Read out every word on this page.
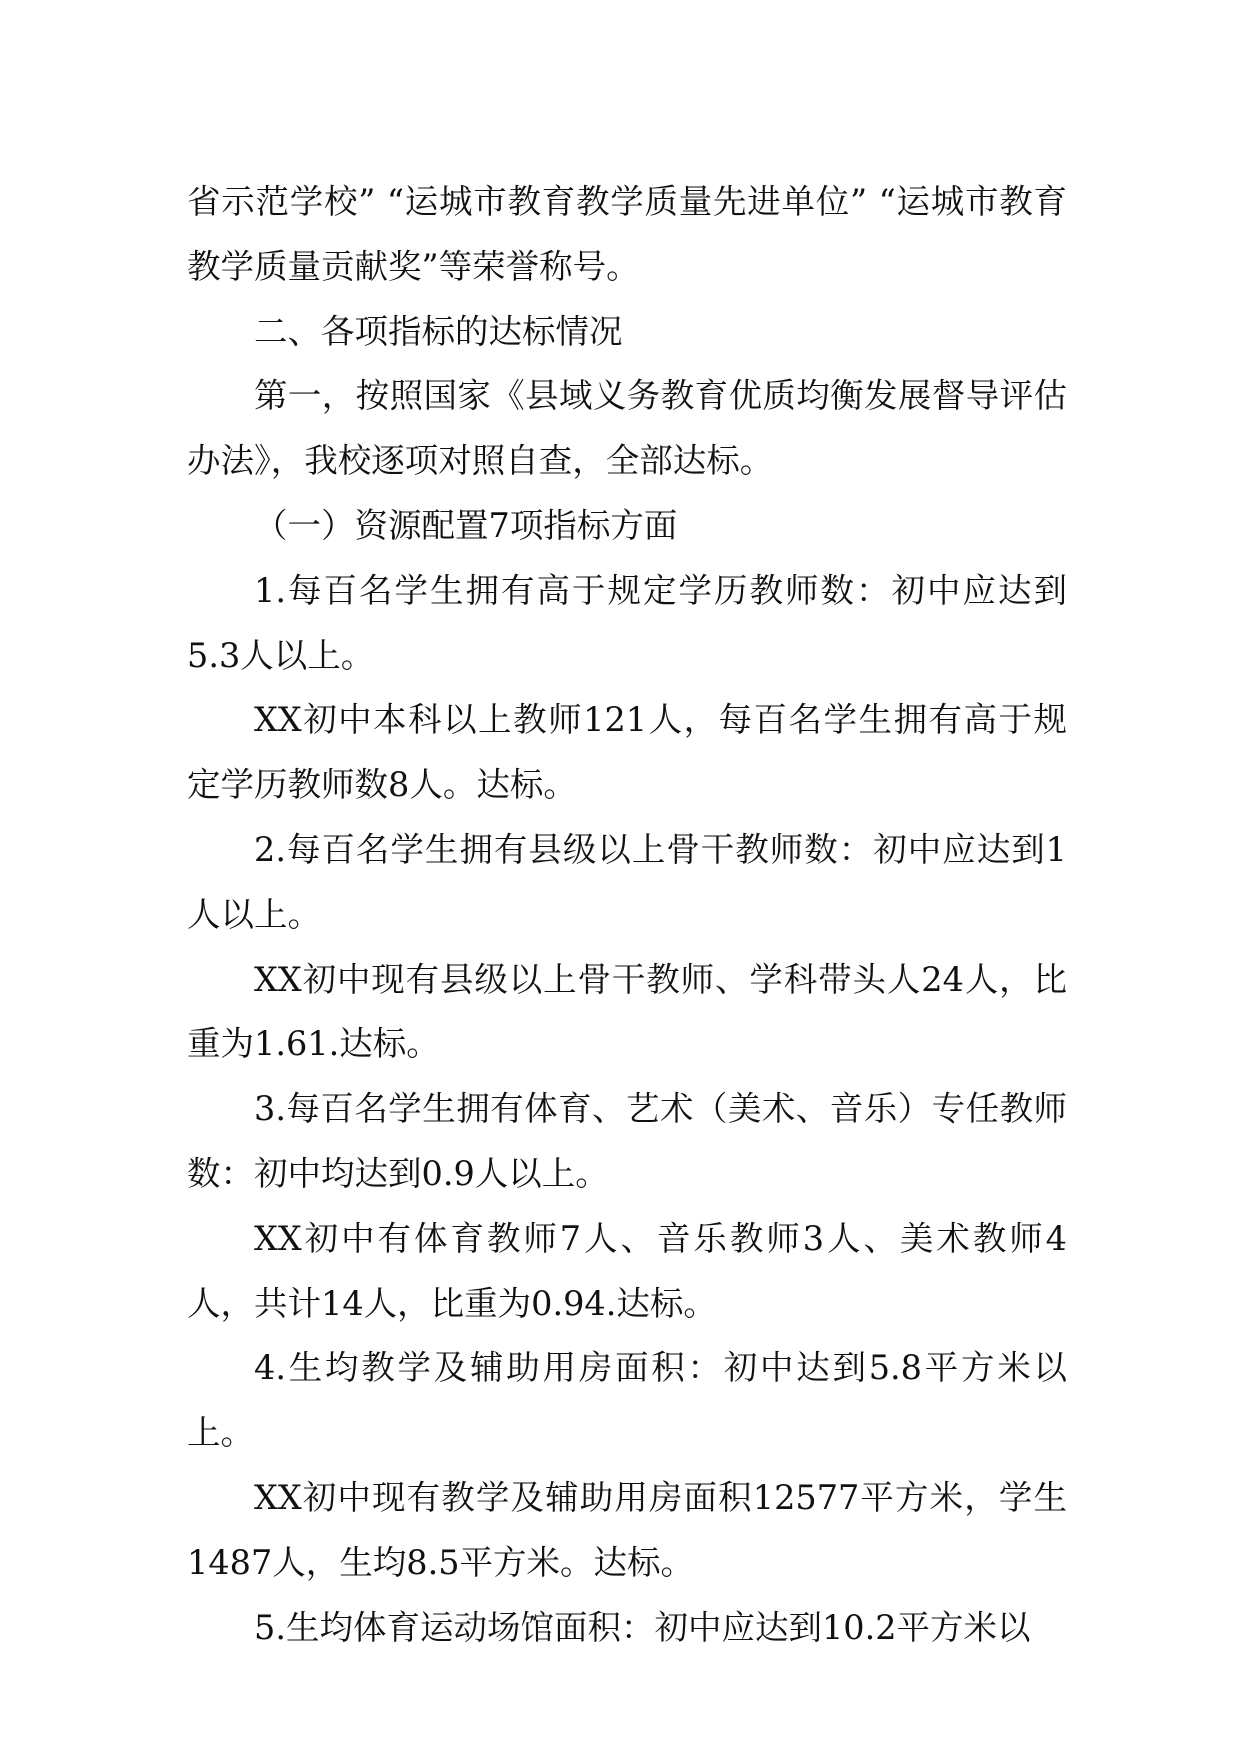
省示范学校” “运城市教育教学质量先进单位” “运城市教育教学质量贡献奖”等荣誉称号。

二、各项指标的达标情况

第一，按照国家《县域义务教育优质均衡发展督导评估办法》，我校逐项对照自查，全部达标。

（一）资源配置7项指标方面

1.每百名学生拥有高于规定学历教师数：初中应达到5.3人以上。

XX初中本科以上教师121人，每百名学生拥有高于规定学历教师数8人。达标。

2.每百名学生拥有县级以上骨干教师数：初中应达到1人以上。

XX初中现有县级以上骨干教师、学科带头人24人，比重为1.61.达标。

3.每百名学生拥有体育、艺术（美术、音乐）专任教师数：初中均达到0.9人以上。

XX初中有体育教师7人、音乐教师3人、美术教师4人，共计14人，比重为0.94.达标。

4.生均教学及辅助用房面积：初中达到5.8平方米以上。

XX初中现有教学及辅助用房面积12577平方米，学生1487人，生均8.5平方米。达标。

5.生均体育运动场馆面积：初中应达到10.2平方米以
